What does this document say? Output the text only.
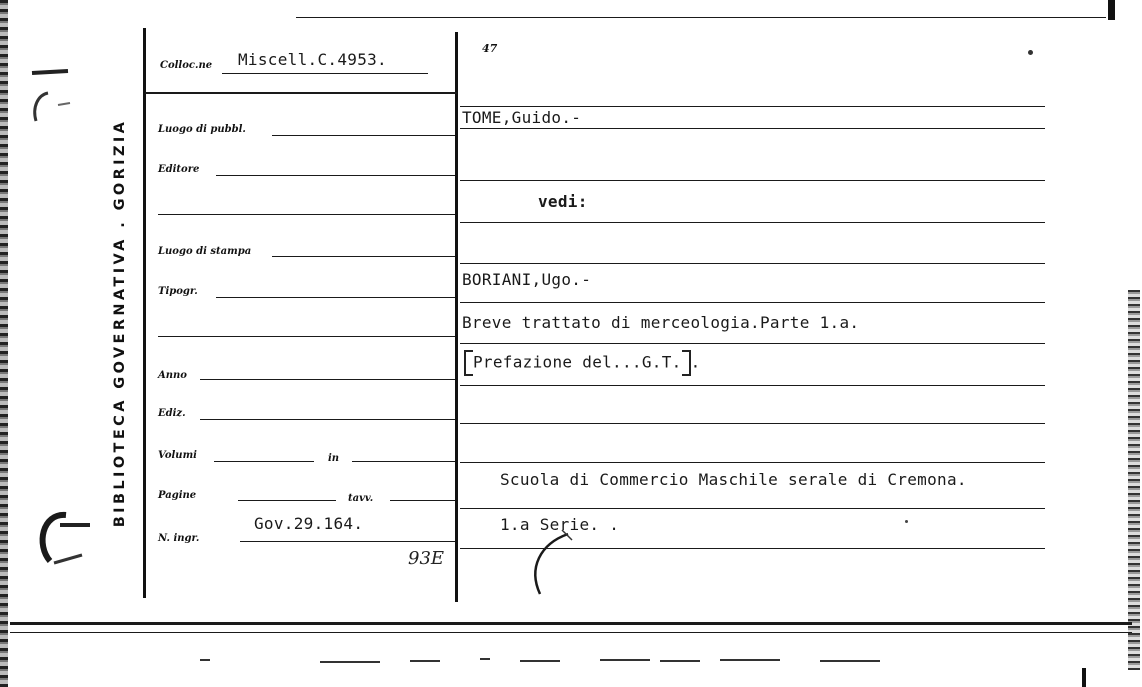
BIBLIOTECA GOVERNATIVA . GORIZIA
Colloc.ne Miscell.C.4953.
Luogo di pubbl.
Editore
Luogo di stampa
Tipogr.
Anno
Ediz.
Volumi	in
Pagine	tavv.
N. ingr.
Gov.29.164.
93E
47
TOME,Guido.-
vedi:
BORIANI,Ugo.-
Breve trattato di merceologia.Parte 1.a.
Prefazione del...G.T. .
Scuola di Commercio Maschile serale di Cremona.
1.a Serie. .
